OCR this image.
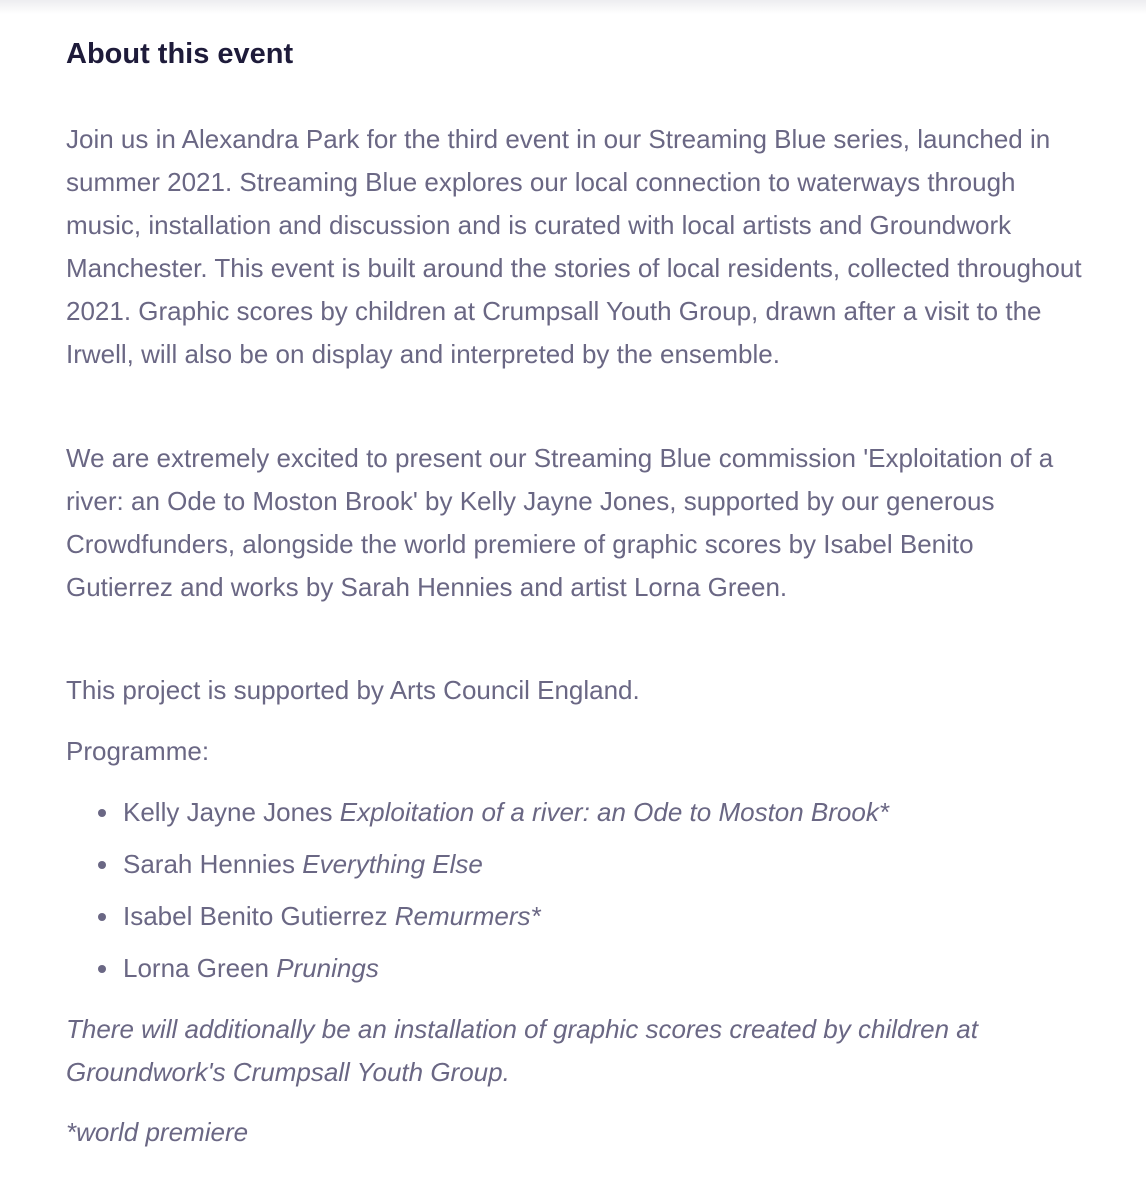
About this event

Join us in Alexandra Park for the third event in our Streaming Blue series, launched in summer 2021. Streaming Blue explores our local connection to waterways through music, installation and discussion and is curated with local artists and Groundwork Manchester. This event is built around the stories of local residents, collected throughout 2021. Graphic scores by children at Crumpsall Youth Group, drawn after a visit to the Irwell, will also be on display and interpreted by the ensemble.

We are extremely excited to present our Streaming Blue commission 'Exploitation of a river: an Ode to Moston Brook' by Kelly Jayne Jones, supported by our generous Crowdfunders, alongside the world premiere of graphic scores by Isabel Benito Gutierrez and works by Sarah Hennies and artist Lorna Green.

This project is supported by Arts Council England.

Programme:

Kelly Jayne Jones Exploitation of a river: an Ode to Moston Brook*
Sarah Hennies Everything Else
Isabel Benito Gutierrez Remurmers*
Lorna Green Prunings

There will additionally be an installation of graphic scores created by children at Groundwork's Crumpsall Youth Group.

*world premiere
